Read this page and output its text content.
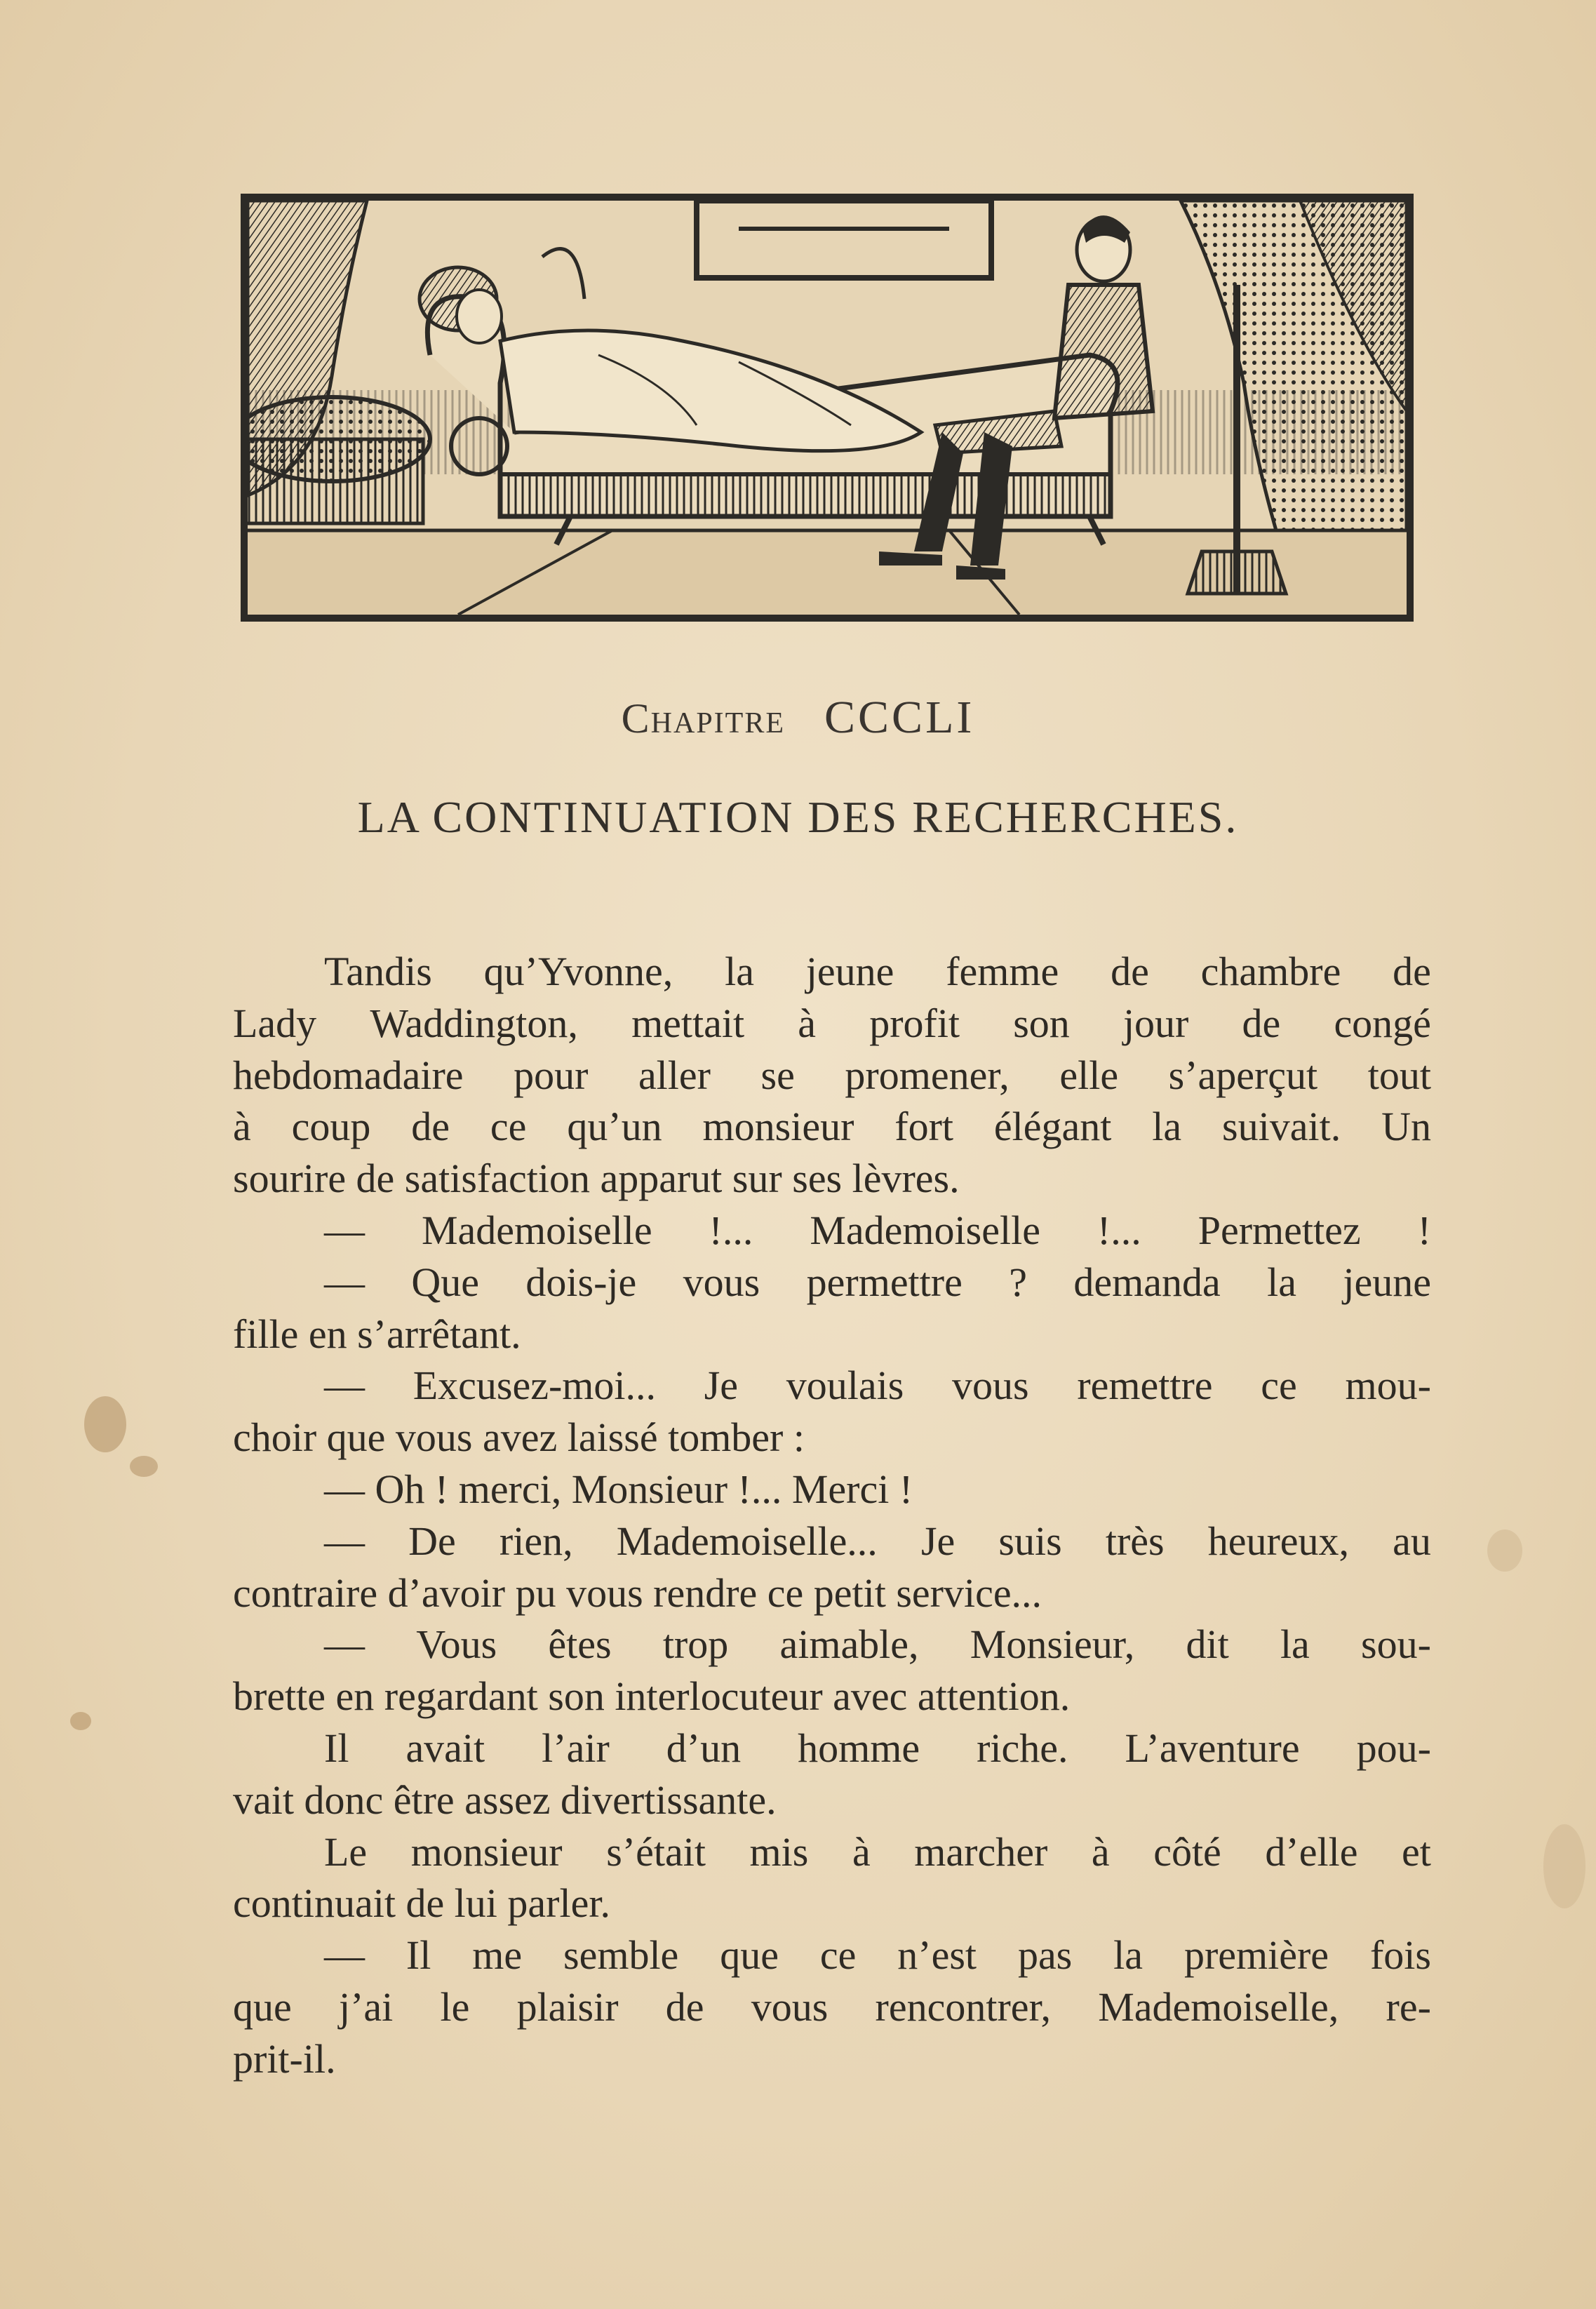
Chapitre CCCLI
LA CONTINUATION DES RECHERCHES.
Tandis qu’Yvonne, la jeune femme de chambre de
Lady Waddington, mettait à profit son jour de congé
hebdomadaire pour aller se promener, elle s’aperçut tout
à coup de ce qu’un monsieur fort élégant la suivait. Un
sourire de satisfaction apparut sur ses lèvres.
— Mademoiselle !... Mademoiselle !... Permettez !
— Que dois-je vous permettre ? demanda la jeune
fille en s’arrêtant.
— Excusez-moi... Je voulais vous remettre ce mou-
choir que vous avez laissé tomber :
— Oh ! merci, Monsieur !... Merci !
— De rien, Mademoiselle... Je suis très heureux, au
contraire d’avoir pu vous rendre ce petit service...
— Vous êtes trop aimable, Monsieur, dit la sou-
brette en regardant son interlocuteur avec attention.
Il avait l’air d’un homme riche. L’aventure pou-
vait donc être assez divertissante.
Le monsieur s’était mis à marcher à côté d’elle et
continuait de lui parler.
— Il me semble que ce n’est pas la première fois
que j’ai le plaisir de vous rencontrer, Mademoiselle, re-
prit-il.
